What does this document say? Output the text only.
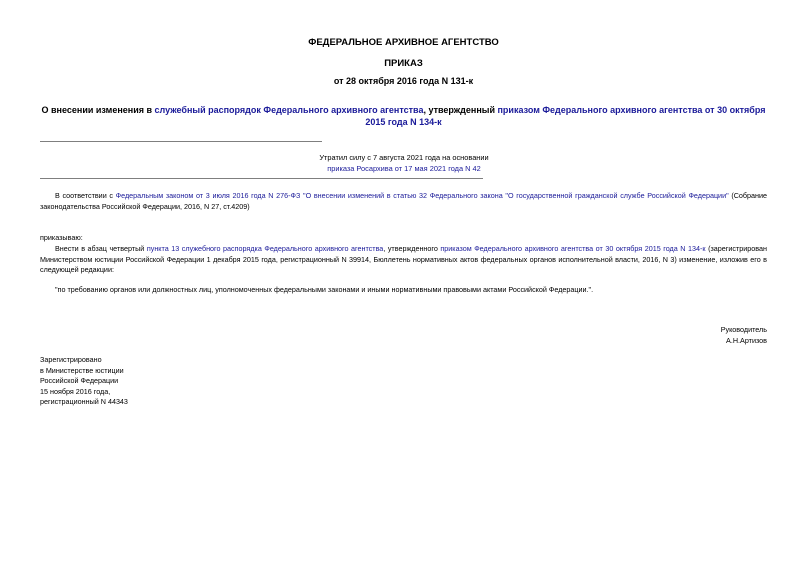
ФЕДЕРАЛЬНОЕ АРХИВНОЕ АГЕНТСТВО
ПРИКАЗ
от 28 октября 2016 года N 131-к
О внесении изменения в служебный распорядок Федерального архивного агентства, утвержденный приказом Федерального архивного агентства от 30 октября 2015 года N 134-к
Утратил силу с 7 августа 2021 года на основании
приказа Росархива от 17 мая 2021 года N 42
В соответствии с Федеральным законом от 3 июля 2016 года N 276-ФЗ "О внесении изменений в статью 32 Федерального закона "О государственной гражданской службе Российской Федерации" (Собрание законодательства Российской Федерации, 2016, N 27, ст.4209)
приказываю:
Внести в абзац четвертый пункта 13 служебного распорядка Федерального архивного агентства, утвержденного приказом Федерального архивного агентства от 30 октября 2015 года N 134-к (зарегистрирован Министерством юстиции Российской Федерации 1 декабря 2015 года, регистрационный N 39914, Бюллетень нормативных актов федеральных органов исполнительной власти, 2016, N 3) изменение, изложив его в следующей редакции:
"по требованию органов или должностных лиц, уполномоченных федеральными законами и иными нормативными правовыми актами Российской Федерации.".
Руководитель
А.Н.Артизов
Зарегистрировано
в Министерстве юстиции
Российской Федерации
15 ноября 2016 года,
регистрационный N 44343
